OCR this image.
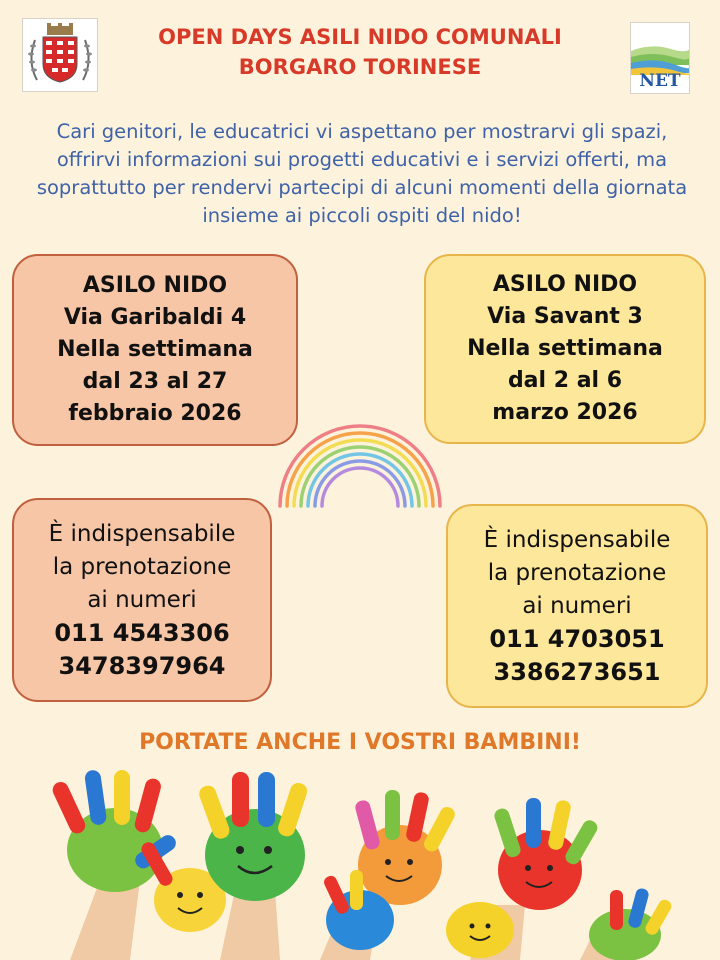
OPEN DAYS ASILI NIDO COMUNALI
BORGARO TORINESE
NET

Cari genitori, le educatrici vi aspettano per mostrarvi gli spazi, offrirvi informazioni sui progetti educativi e i servizi offerti, ma soprattutto per rendervi partecipi di alcuni momenti della giornata insieme ai piccoli ospiti del nido!

ASILO NIDO
Via Garibaldi 4
Nella settimana
dal 23 al 27
febbraio 2026
ASILO NIDO
Via Savant 3
Nella settimana
dal 2 al 6
marzo 2026
È indispensabile
la prenotazione
ai numeri
011 4543306
3478397964
È indispensabile
la prenotazione
ai numeri
011 4703051
3386273651
PORTATE ANCHE I VOSTRI BAMBINI!
